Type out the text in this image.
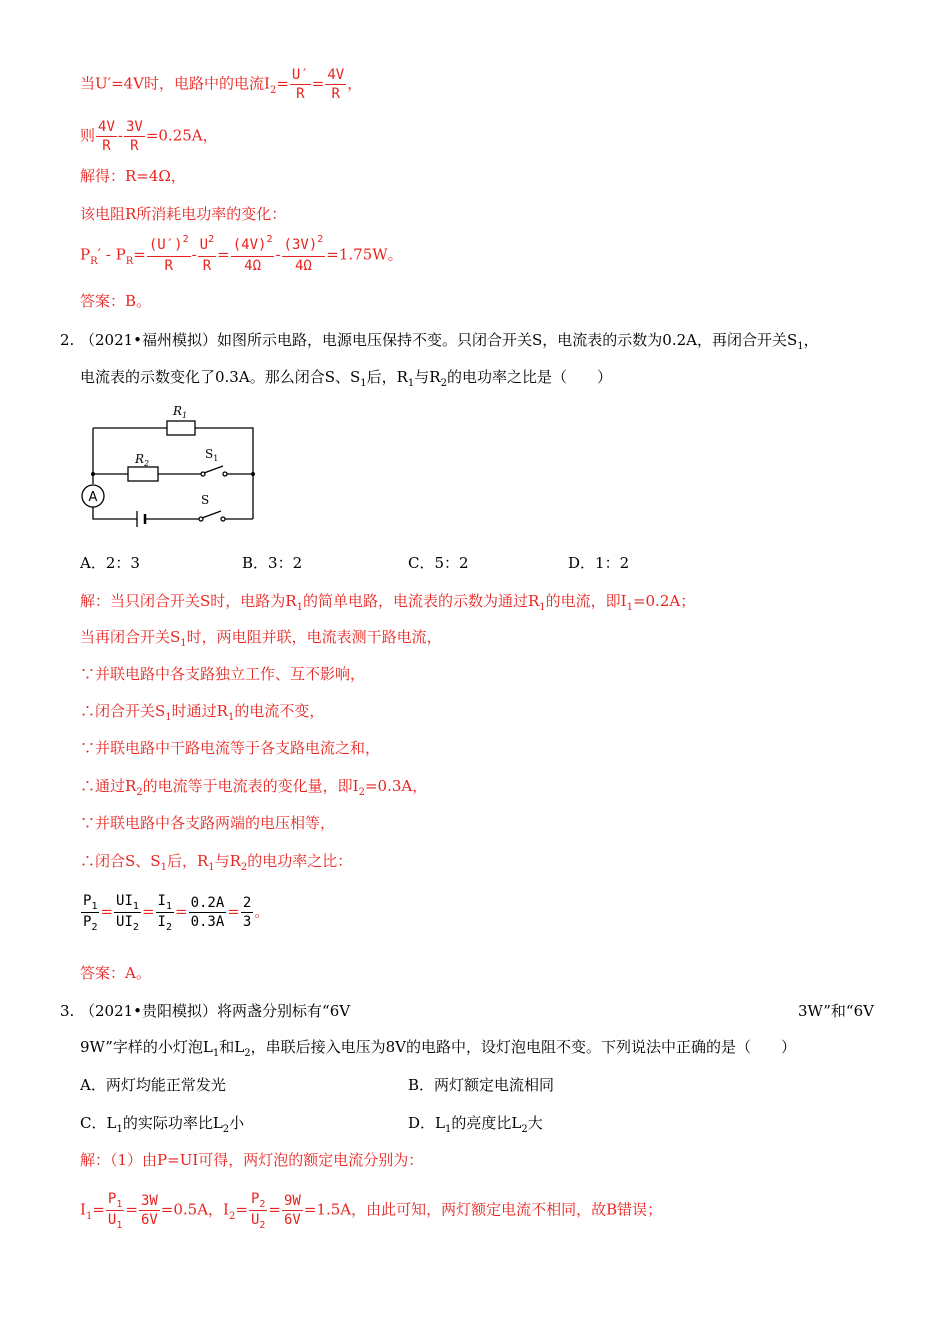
当U′=4V时，电路中的电流$I_2= \frac{U'}{R} = \frac{4V}{R}$ ，
则 $\frac{4V}{R} - \frac{3V}{R} =0.25A$，
解得：R=4Ω，
该电阻R所消耗电功率的变化：
$P_R' - P_R= \frac{(U')^2}{R} - \frac{U^2}{R} = \frac{(4V)^2}{4\Omega} - \frac{(3V)^2}{4\Omega} =1.75W$。
答案：B。
2. （2021•福州模拟）如图所示电路，电源电压保持不变。只闭合开关S，电流表的示数为0.2A，再闭合开关$S_1$，
电流表的示数变化了0.3A。那么闭合S、$S_1$后，$R_1$与$R_2$的电功率之比是（　　）
A
$R_1$
$R_2$
$S_1$
S
A．2：3	B．3：2	C．5：2	D．1：2
解：当只闭合开关S时，电路为$R_1$的简单电路，电流表的示数为通过$R_1$的电流，即$I_1=0.2A$；
当再闭合开关$S_1$时，两电阻并联，电流表测干路电流，
∵并联电路中各支路独立工作、互不影响，
∴闭合开关$S_1$时通过$R_1$的电流不变，
∵并联电路中干路电流等于各支路电流之和，
∴通过$R_2$的电流等于电流表的变化量，即$I_2=0.3A$，
∵并联电路中各支路两端的电压相等，
∴闭合S、$S_1$后，$R_1$与$R_2$的电功率之比：
$\frac{P_1}{P_2} = \frac{UI_1}{UI_2} = \frac{I_1}{I_2} = \frac{0.2A}{0.3A} = \frac{2}{3}$ 。
答案：A。
3. （2021•贵阳模拟）将两盏分别标有“6V	3W”和“6V
9W”字样的小灯泡$L_1$和$L_2$，串联后接入电压为8V的电路中，设灯泡电阻不变。下列说法中正确的是（　　）
A．两灯均能正常发光	B．两灯额定电流相同
C．$L_1$的实际功率比$L_2$小	D．$L_1$的亮度比$L_2$大
解：（1）由P=UI可得，两灯泡的额定电流分别为：
$I_1= \frac{P_1}{U_1} = \frac{3W}{6V} =0.5A$，$I_2= \frac{P_2}{U_2} = \frac{9W}{6V} =1.5A$，由此可知，两灯额定电流不相同，故B错误；
